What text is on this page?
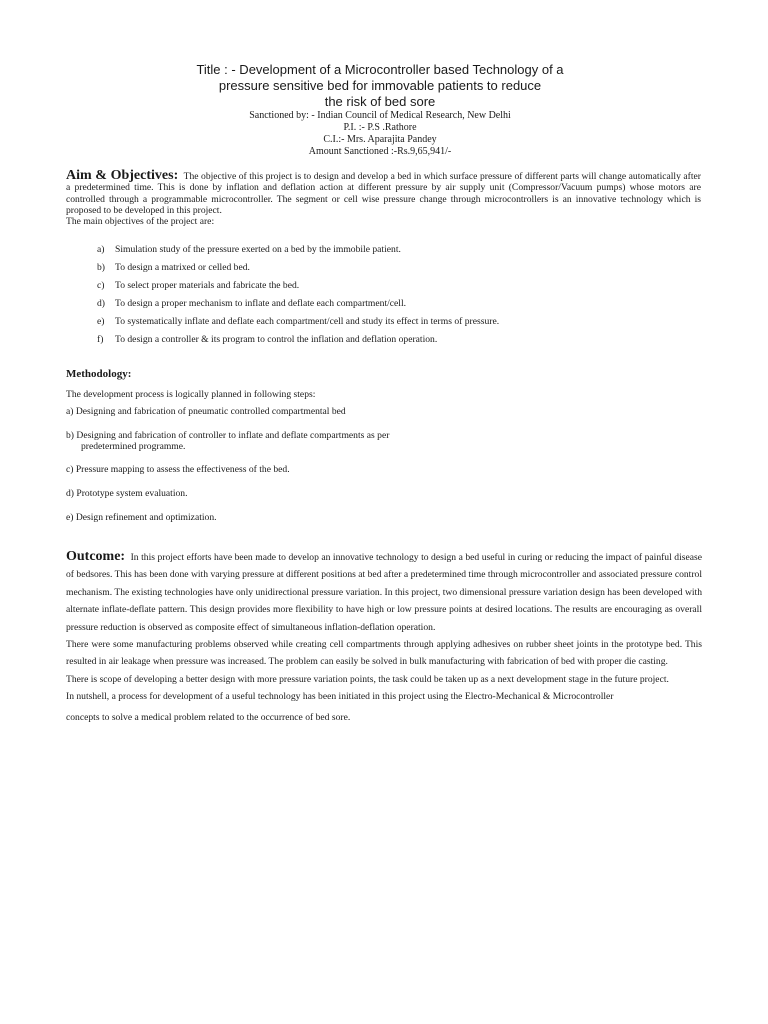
Title : - Development of a Microcontroller based Technology of a
pressure sensitive bed for immovable patients to reduce
the risk of bed sore
Sanctioned by: - Indian Council of Medical Research, New Delhi
P.I. :- P.S .Rathore
C.I.:- Mrs. Aparajita Pandey
Amount Sanctioned :-Rs.9,65,941/-

Aim & Objectives: The objective of this project is to design and develop a bed in which surface pressure of different parts will change automatically after a predetermined time. This is done by inflation and deflation action at different pressure by air supply unit (Compressor/Vacuum pumps) whose motors are controlled through a programmable microcontroller. The segment or cell wise pressure change through microcontrollers is an innovative technology which is proposed to be developed in this project.

The main objectives of the project are:

a) Simulation study of the pressure exerted on a bed by the immobile patient.
b) To design a matrixed or celled bed.
c) To select proper materials and fabricate the bed.
d) To design a proper mechanism to inflate and deflate each compartment/cell.
e) To systematically inflate and deflate each compartment/cell and study its effect in terms of pressure.
f) To design a controller & its program to control the inflation and deflation operation.

Methodology:

The development process is logically planned in following steps:

a) Designing and fabrication of pneumatic controlled compartmental bed

b) Designing and fabrication of controller to inflate and deflate compartments as per

predetermined programme.

c) Pressure mapping to assess the effectiveness of the bed.

d) Prototype system evaluation.

e) Design refinement and optimization.

Outcome: In this project efforts have been made to develop an innovative technology to design a bed useful in curing or reducing the impact of painful disease of bedsores. This has been done with varying pressure at different positions at bed after a predetermined time through microcontroller and associated pressure control mechanism. The existing technologies have only unidirectional pressure variation. In this project, two dimensional pressure variation design has been developed with alternate inflate-deflate pattern. This design provides more flexibility to have high or low pressure points at desired locations. The results are encouraging as overall pressure reduction is observed as composite effect of simultaneous inflation-deflation operation.

There were some manufacturing problems observed while creating cell compartments through applying adhesives on rubber sheet joints in the prototype bed. This resulted in air leakage when pressure was increased. The problem can easily be solved in bulk manufacturing with fabrication of bed with proper die casting.

There is scope of developing a better design with more pressure variation points, the task could be taken up as a next development stage in the future project.

In nutshell, a process for development of a useful technology has been initiated in this project using the Electro-Mechanical & Microcontroller

concepts to solve a medical problem related to the occurrence of bed sore.
